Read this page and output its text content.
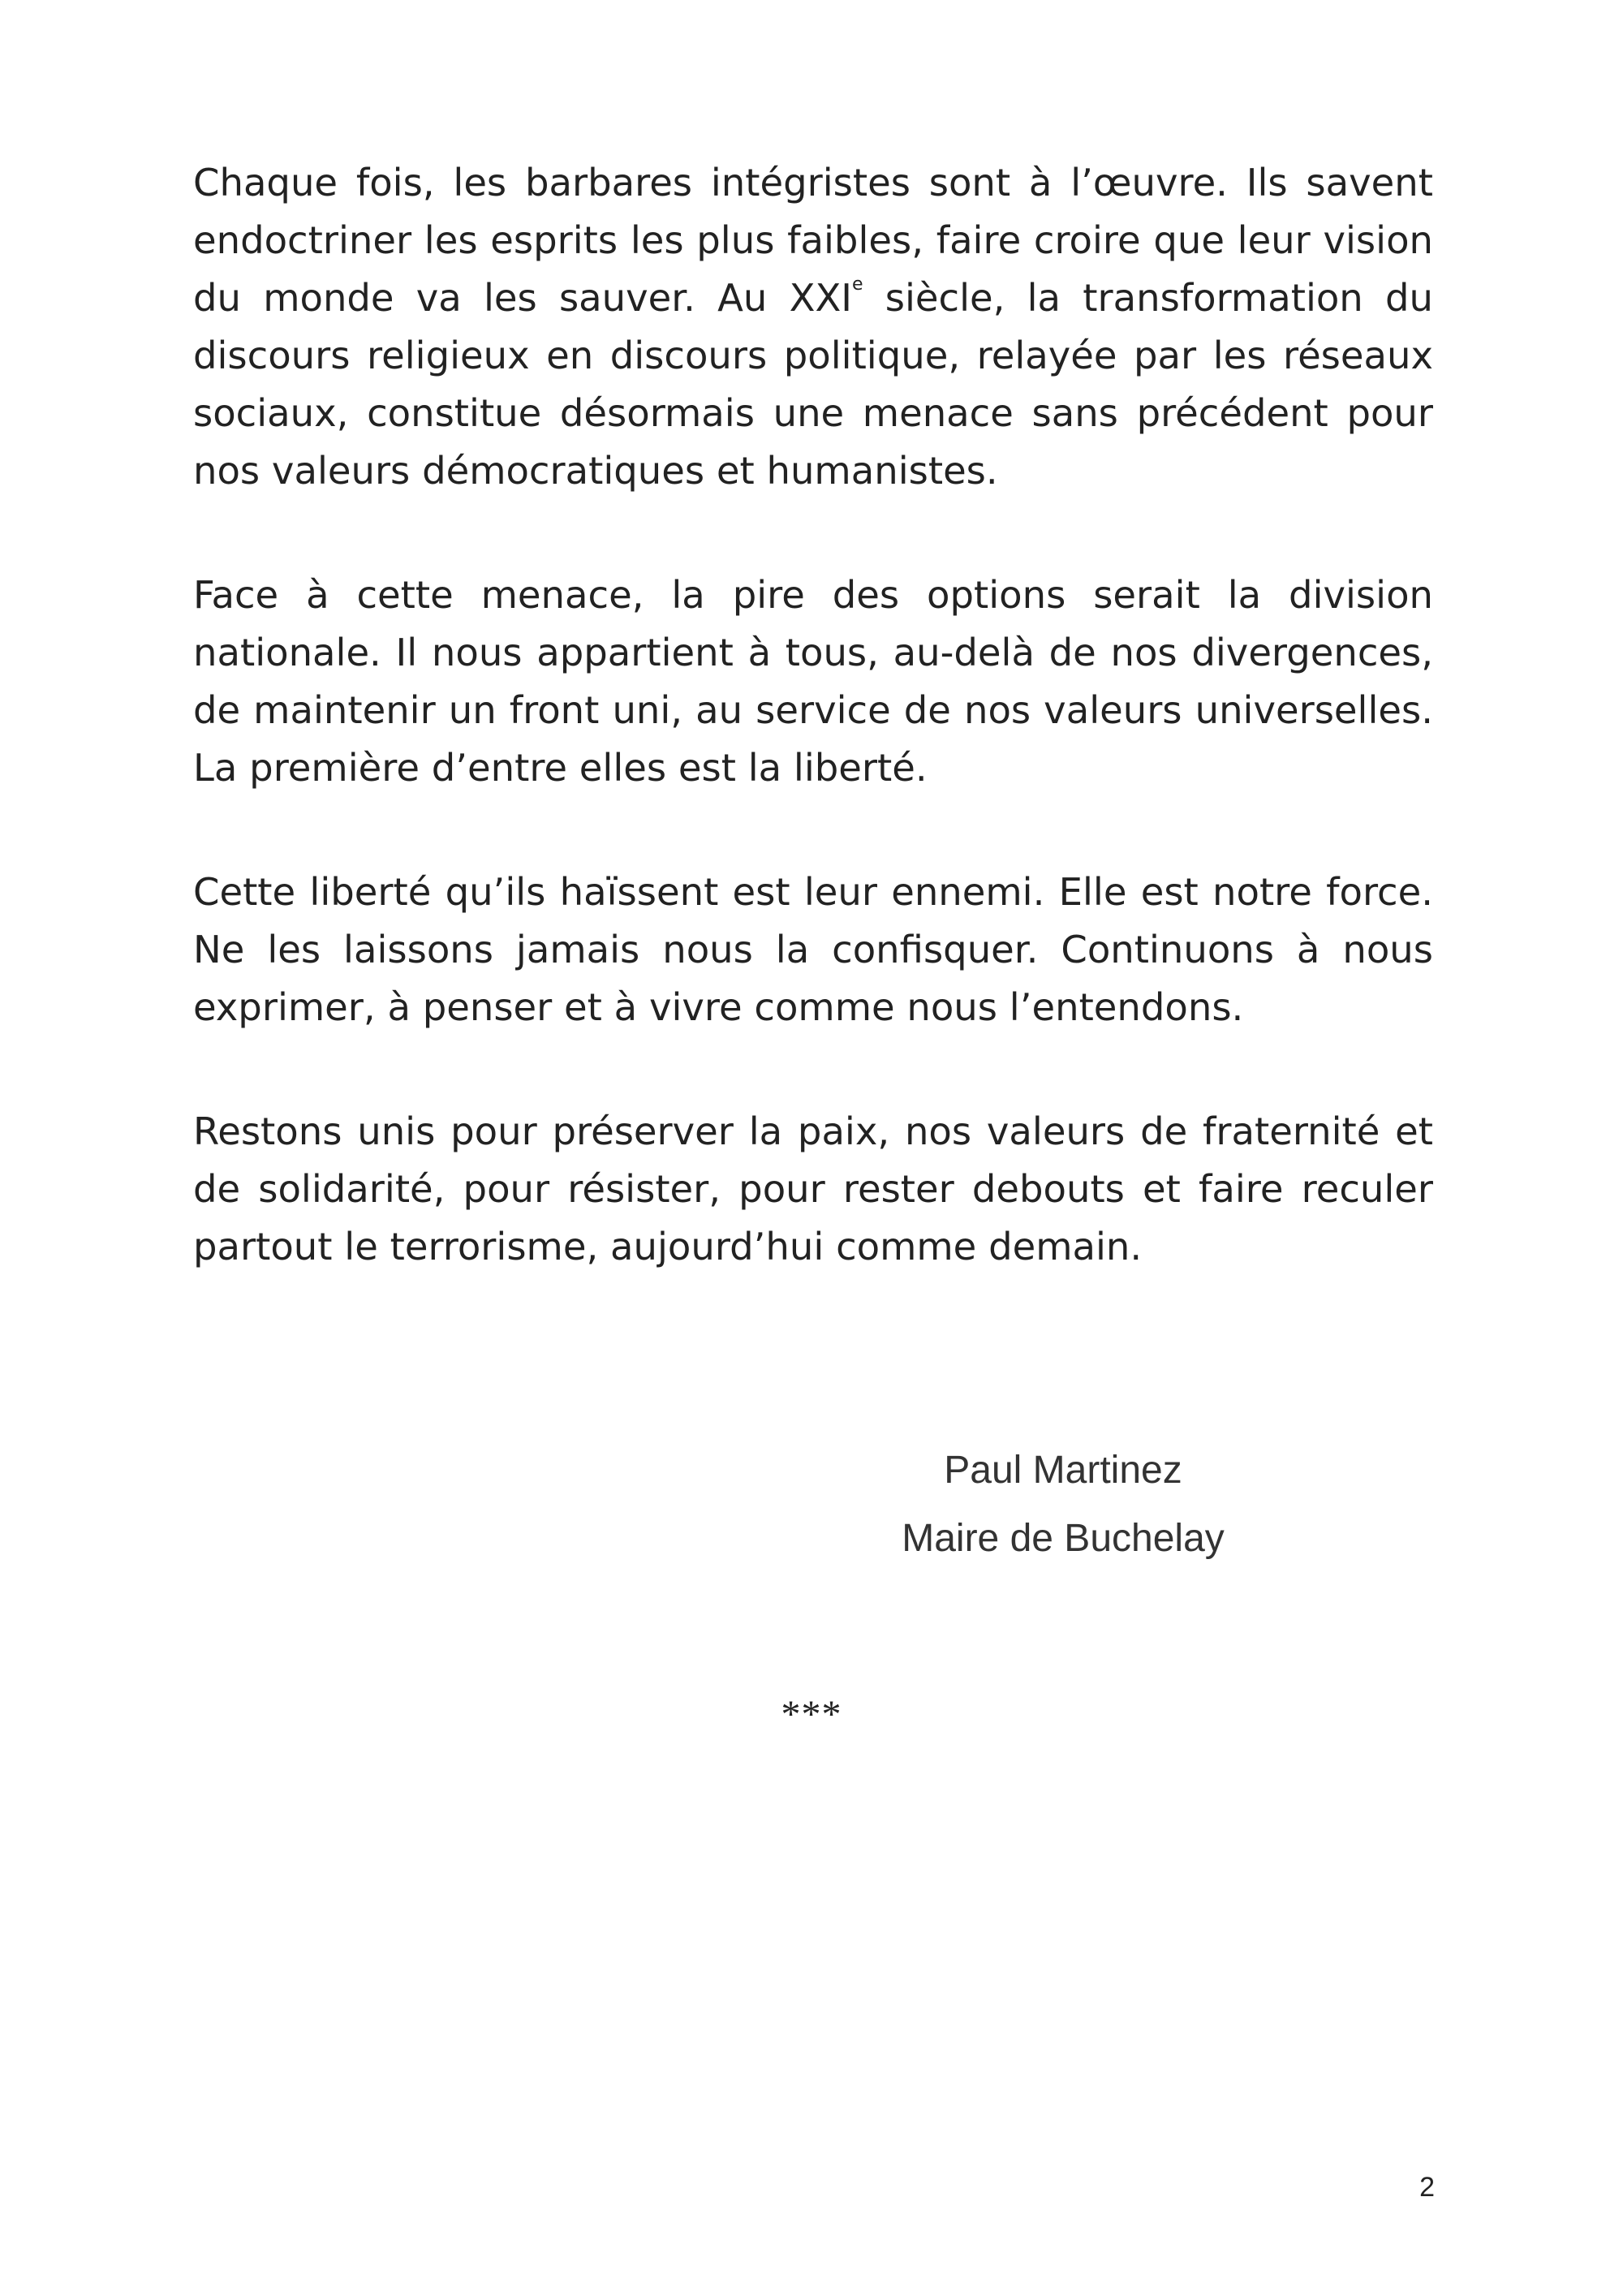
Chaque fois, les barbares intégristes sont à l’œuvre. Ils savent endoctriner les esprits les plus faibles, faire croire que leur vision du monde va les sauver. Au XXIe siècle, la transformation du discours religieux en discours politique, relayée par les réseaux sociaux, constitue désormais une menace sans précédent pour nos valeurs démocratiques et humanistes.

Face à cette menace, la pire des options serait la division nationale. Il nous appartient à tous, au-delà de nos divergences, de maintenir un front uni, au service de nos valeurs universelles. La première d’entre elles est la liberté.

Cette liberté qu’ils haïssent est leur ennemi. Elle est notre force. Ne les laissons jamais nous la confisquer. Continuons à nous exprimer, à penser et à vivre comme nous l’entendons.

Restons unis pour préserver la paix, nos valeurs de fraternité et de solidarité, pour résister, pour rester debouts et faire reculer partout le terrorisme, aujourd’hui comme demain.

Paul Martinez
Maire de Buchelay
***
2
